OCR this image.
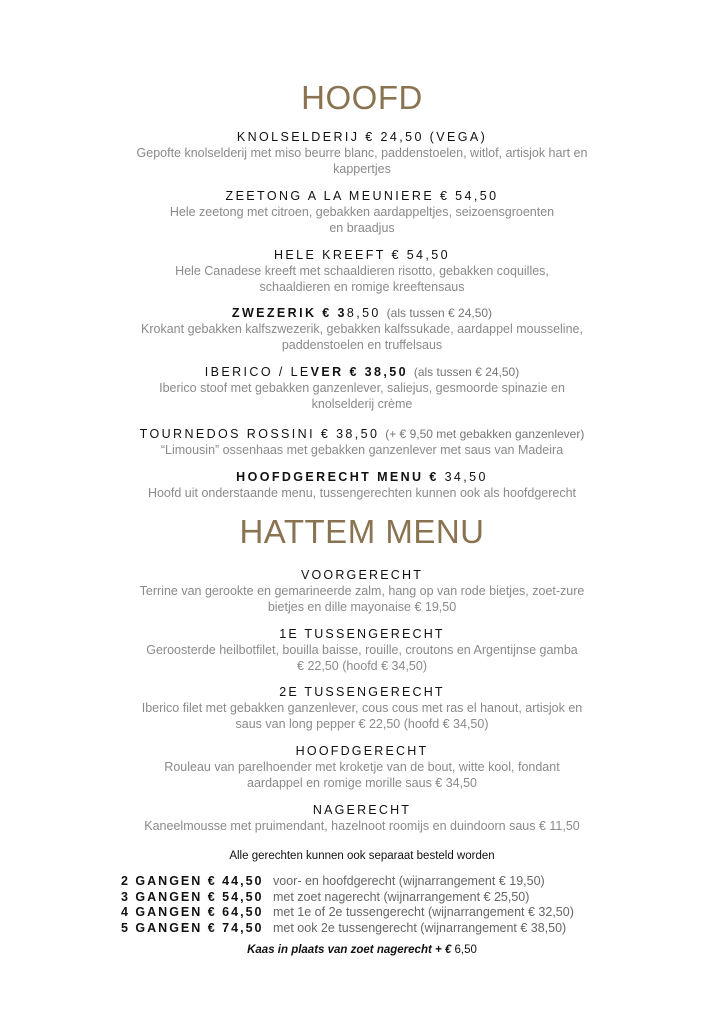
HOOFD
KNOLSELDERIJ € 24,50 (VEGA)
Gepofte knolselderij met miso beurre blanc, paddenstoelen, witlof, artisjok hart en
kappertjes
ZEETONG A LA MEUNIERE € 54,50
Hele zeetong met citroen, gebakken aardappeltjes, seizoensgroenten
en braadjus
HELE KREEFT € 54,50
Hele Canadese kreeft met schaaldieren risotto, gebakken coquilles,
schaaldieren en romige kreeftensaus
ZWEZERIK € 38,50 (als tussen € 24,50)
Krokant gebakken kalfszwezerik, gebakken kalfssukade, aardappel mousseline,
paddenstoelen en truffelsaus
IBERICO / LEVER € 38,50 (als tussen € 24,50)
Iberico stoof met gebakken ganzenlever, saliejus, gesmoorde spinazie en
knolselderij crème
TOURNEDOS ROSSINI € 38,50 (+ € 9,50 met gebakken ganzenlever)
“Limousin” ossenhaas met gebakken ganzenlever met saus van Madeira
HOOFDGERECHT MENU € 34,50
Hoofd uit onderstaande menu, tussengerechten kunnen ook als hoofdgerecht
HATTEM MENU
VOORGERECHT
Terrine van gerookte en gemarineerde zalm, hang op van rode bietjes, zoet-zure
bietjes en dille mayonaise € 19,50
1E TUSSENGERECHT
Geroosterde heilbotfilet, bouilla baisse, rouille, croutons en Argentijnse gamba
€ 22,50 (hoofd € 34,50)
2E TUSSENGERECHT
Iberico filet met gebakken ganzenlever, cous cous met ras el hanout, artisjok en
saus van long pepper € 22,50 (hoofd € 34,50)
HOOFDGERECHT
Rouleau van parelhoender met kroketje van de bout, witte kool, fondant
aardappel en romige morille saus € 34,50
NAGERECHT
Kaneelmousse met pruimendant, hazelnoot roomijs en duindoorn saus € 11,50
Alle gerechten kunnen ook separaat besteld worden
2 GANGEN € 44,50 voor- en hoofdgerecht (wijnarrangement € 19,50)
3 GANGEN € 54,50 met zoet nagerecht (wijnarrangement € 25,50)
4 GANGEN € 64,50 met 1e of 2e tussengerecht (wijnarrangement € 32,50)
5 GANGEN € 74,50 met ook 2e tussengerecht (wijnarrangement € 38,50)
Kaas in plaats van zoet nagerecht + € 6,50
